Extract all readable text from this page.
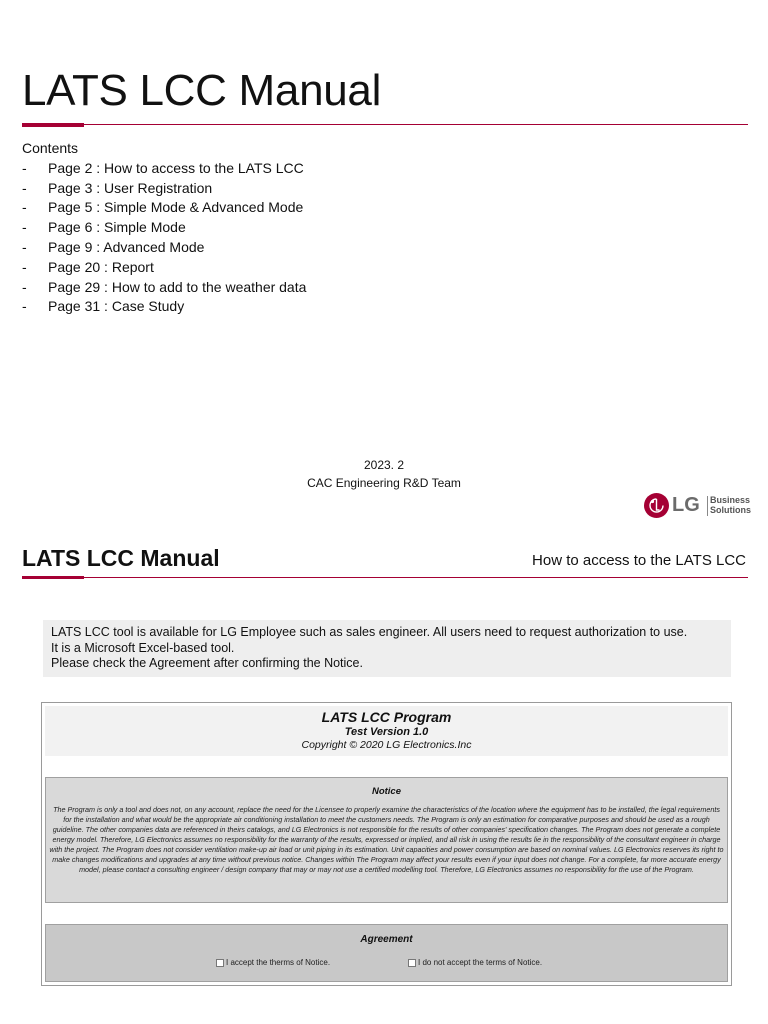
LATS LCC Manual
Contents
-	Page 2 : How to access to the LATS LCC
-	Page 3 : User Registration
-	Page 5 : Simple Mode & Advanced Mode
-	Page 6 : Simple Mode
-	Page 9 : Advanced Mode
-	Page 20 : Report
-	Page 29 : How to add to the weather data
-	Page 31 : Case Study
2023. 2
CAC Engineering R&D Team
LG Business
Solutions
LATS LCC Manual	How to access to the LATS LCC
LATS LCC tool is available for LG Employee such as sales engineer. All users need to request authorization to use.
It is a Microsoft Excel-based tool.
Please check the Agreement after confirming the Notice.
LATS LCC Program
Test Version 1.0
Copyright © 2020 LG Electronics.Inc
Notice
The Program is only a tool and does not, on any account, replace the need for the Licensee to properly examine the characteristics of the location where the equipment has to be installed, the legal requirements for the installation and what would be the appropriate air conditioning installation to meet the customers needs. The Program is only an estimation for comparative purposes and should be used as a rough guideline. The other companies data are referenced in theirs catalogs, and LG Electronics is not responsible for the results of other companies' specification changes. The Program does not generate a complete energy model. Therefore, LG Electronics assumes no responsibility for the warranty of the results, expressed or implied, and all risk in using the results lie in the responsibility of the consultant engineer in charge with the project. The Program does not consider ventilation make-up air load or unit piping in its estimation. Unit capacities and power consumption are based on nominal values. LG Electronics reserves its right to make changes modifications and upgrades at any time without previous notice. Changes within The Program may affect your results even if your input does not change. For a complete, far more accurate energy model, please contact a consulting engineer / design company that may or may not use a certified modelling tool. Therefore, LG Electronics assumes no responsibility for the use of the Program.
Agreement
I accept the therms of Notice.	I do not accept the terms of Notice.
